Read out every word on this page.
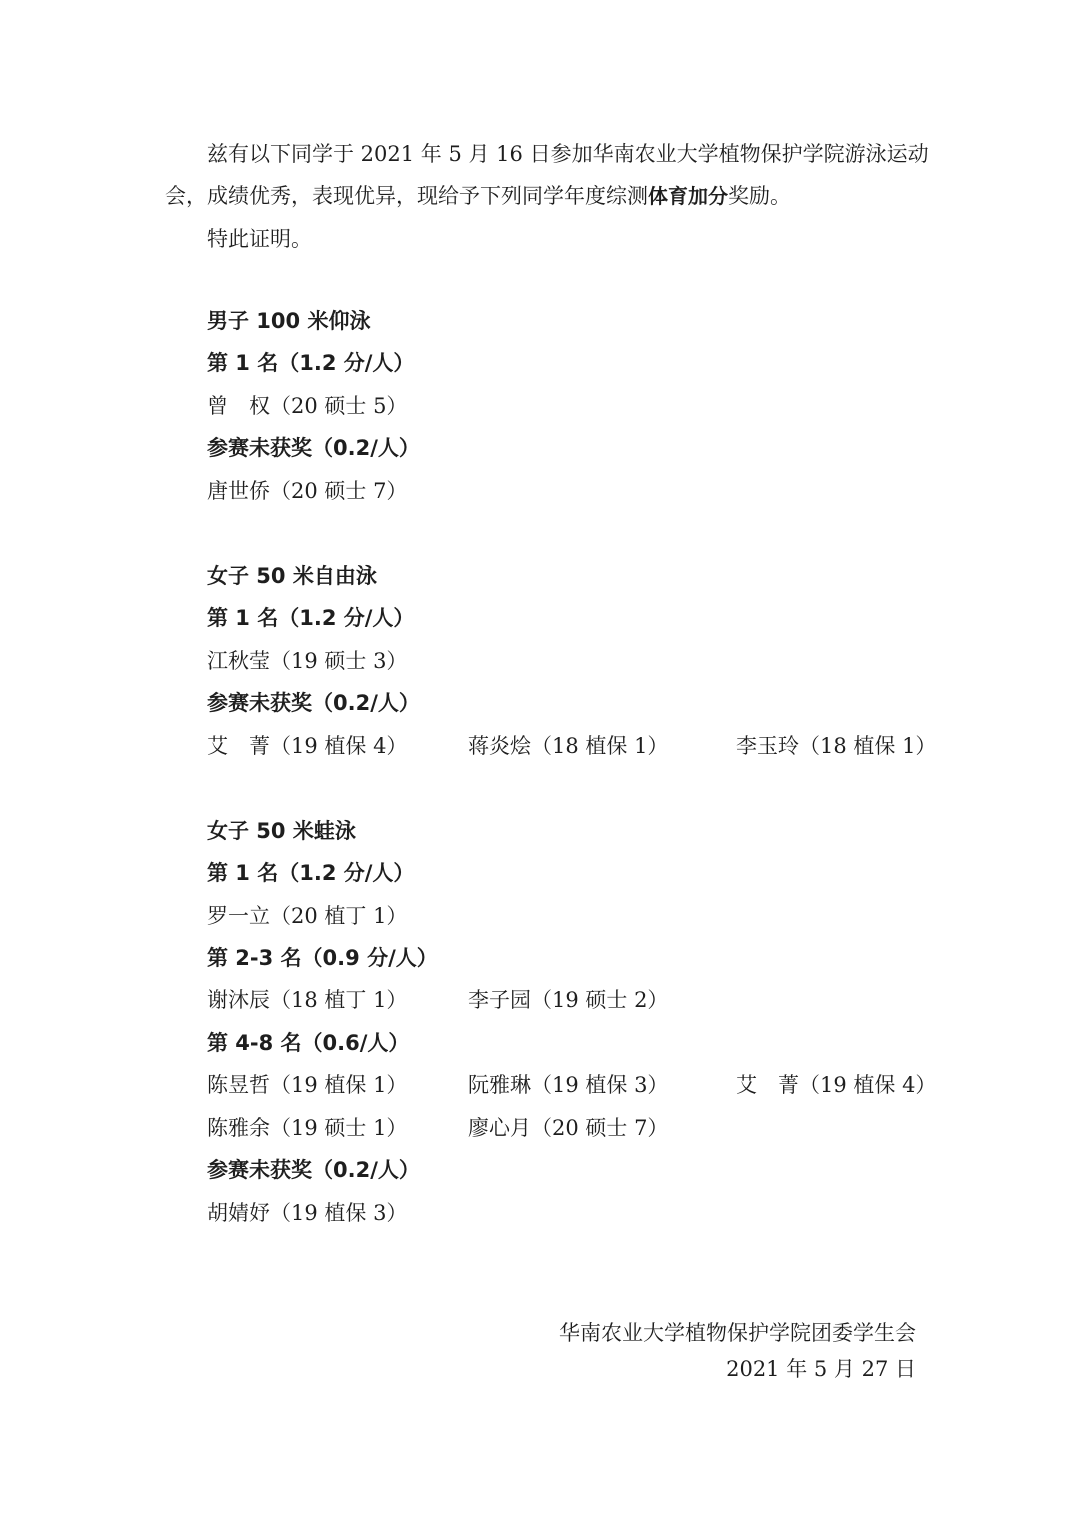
兹有以下同学于 2021 年 5 月 16 日参加华南农业大学植物保护学院游泳运动
会，成绩优秀，表现优异，现给予下列同学年度综测体育加分奖励。
特此证明。
男子 100 米仰泳
第 1 名（1.2 分/人）
曾　权（20 硕士 5）
参赛未获奖（0.2/人）
唐世侨（20 硕士 7）
女子 50 米自由泳
第 1 名（1.2 分/人）
江秋莹（19 硕士 3）
参赛未获奖（0.2/人）
艾　菁（19 植保 4）	蒋炎烩（18 植保 1）	李玉玲（18 植保 1）
女子 50 米蛙泳
第 1 名（1.2 分/人）
罗一立（20 植丁 1）
第 2-3 名（0.9 分/人）
谢沐辰（18 植丁 1）	李子园（19 硕士 2）
第 4-8 名（0.6/人）
陈昱哲（19 植保 1）	阮雅琳（19 植保 3）	艾　菁（19 植保 4）
陈雅余（19 硕士 1）	廖心月（20 硕士 7）
参赛未获奖（0.2/人）
胡婧妤（19 植保 3）
华南农业大学植物保护学院团委学生会
2021 年 5 月 27 日
